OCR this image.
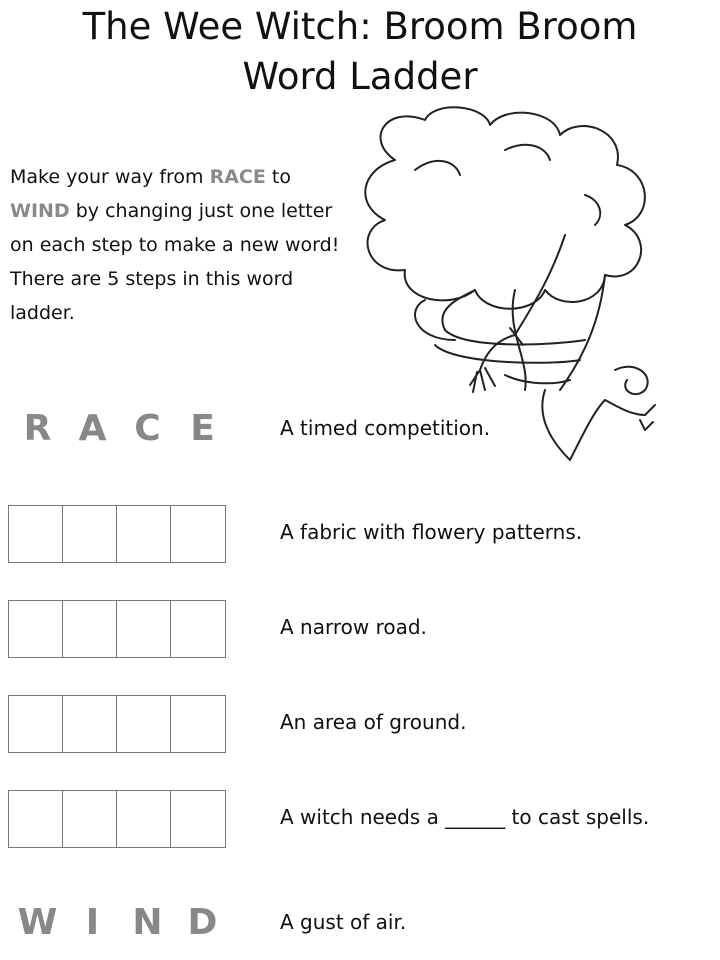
The Wee Witch: Broom Broom
Word Ladder

Make your way from RACE to WIND by changing just one letter on each step to make a new word! There are 5 steps in this word ladder.

R A C E	A timed competition.
A fabric with flowery patterns.
A narrow road.
An area of ground.
A witch needs a ______ to cast spells.
W I N D	A gust of air.
